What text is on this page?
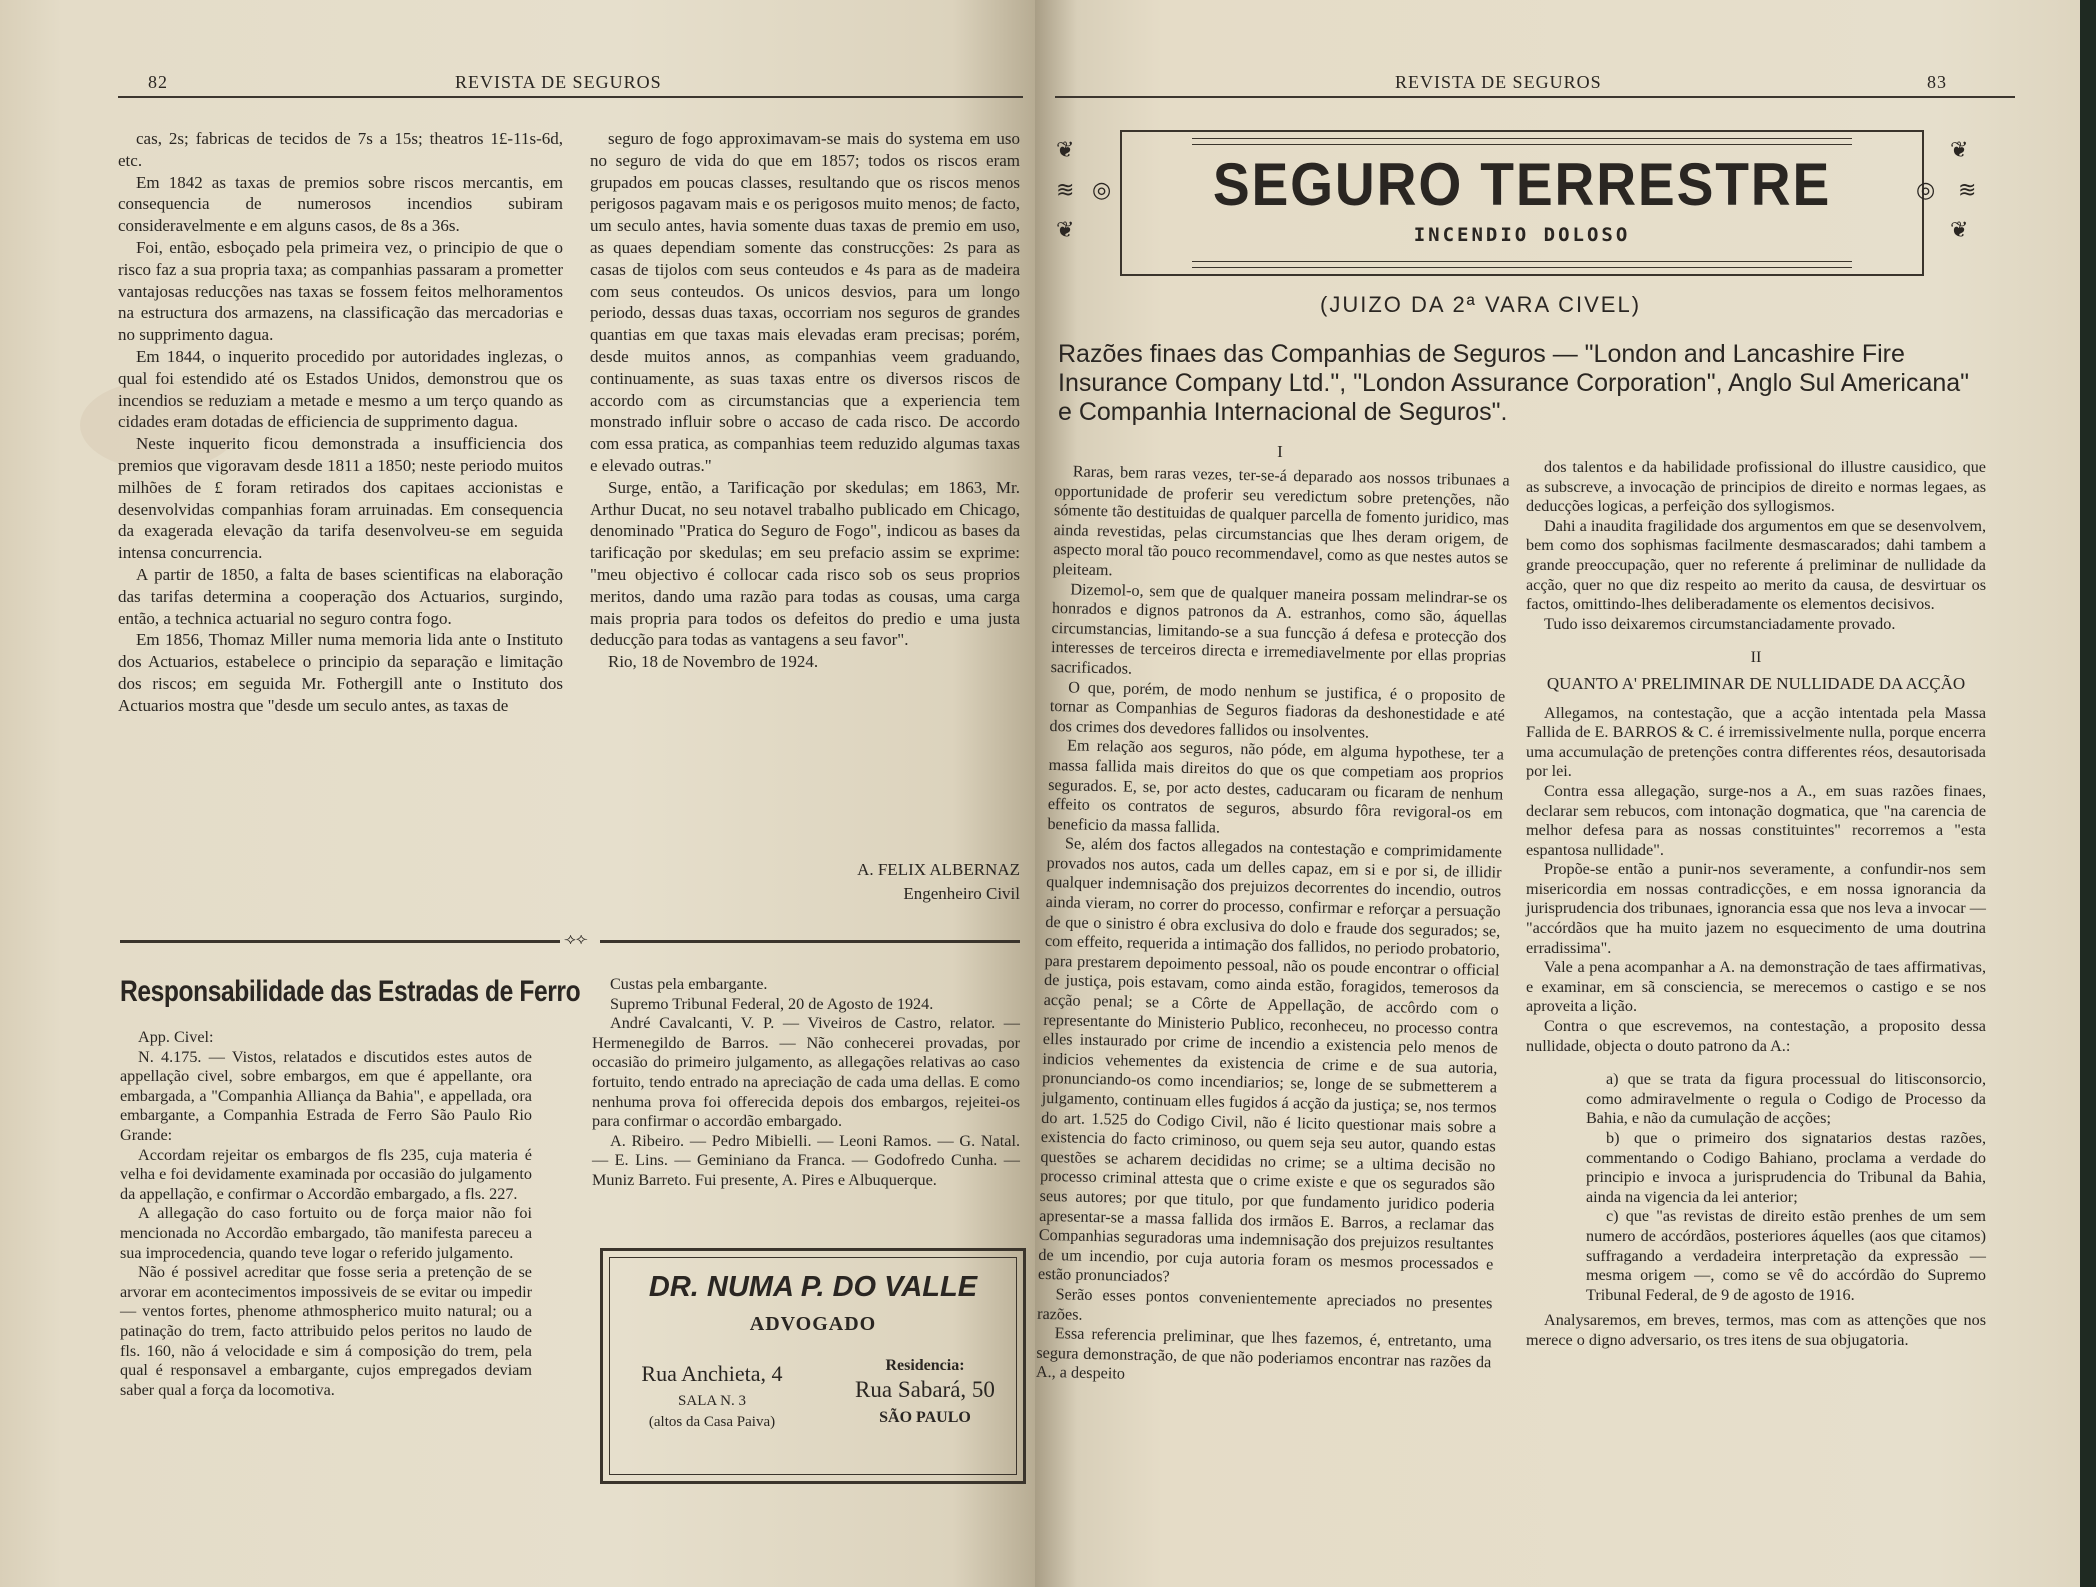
82	REVISTA DE SEGUROS

cas, 2s; fabricas de tecidos de 7s a 15s; theatros 1£-11s-6d, etc.

Em 1842 as taxas de premios sobre riscos mercantis, em consequencia de numerosos incendios subiram consideravelmente e em alguns casos, de 8s a 36s.

Foi, então, esboçado pela primeira vez, o principio de que o risco faz a sua propria taxa; as companhias passaram a prometter vantajosas reducções nas taxas se fossem feitos melhoramentos na estructura dos armazens, na classificação das mercadorias e no supprimento dagua.

Em 1844, o inquerito procedido por autoridades inglezas, o qual foi estendido até os Estados Unidos, demonstrou que os incendios se reduziam a metade e mesmo a um terço quando as cidades eram dotadas de efficiencia de supprimento dagua.

Neste inquerito ficou demonstrada a insufficiencia dos premios que vigoravam desde 1811 a 1850; neste periodo muitos milhões de £ foram retirados dos capitaes accionistas e desenvolvidas companhias foram arruinadas. Em consequencia da exagerada elevação da tarifa desenvolveu-se em seguida intensa concurrencia.

A partir de 1850, a falta de bases scientificas na elaboração das tarifas determina a cooperação dos Actuarios, surgindo, então, a technica actuarial no seguro contra fogo.

Em 1856, Thomaz Miller numa memoria lida ante o Instituto dos Actuarios, estabelece o principio da separação e limitação dos riscos; em seguida Mr. Fothergill ante o Instituto dos Actuarios mostra que "desde um seculo antes, as taxas de

seguro de fogo approximavam-se mais do systema em uso no seguro de vida do que em 1857; todos os riscos eram grupados em poucas classes, resultando que os riscos menos perigosos pagavam mais e os perigosos muito menos; de facto, um seculo antes, havia somente duas taxas de premio em uso, as quaes dependiam somente das construcções: 2s para as casas de tijolos com seus conteudos e 4s para as de madeira com seus conteudos. Os unicos desvios, para um longo periodo, dessas duas taxas, occorriam nos seguros de grandes quantias em que taxas mais elevadas eram precisas; porém, desde muitos annos, as companhias veem graduando, continuamente, as suas taxas entre os diversos riscos de accordo com as circumstancias que a experiencia tem monstrado influir sobre o accaso de cada risco. De accordo com essa pratica, as companhias teem reduzido algumas taxas e elevado outras."

Surge, então, a Tarificação por skedulas; em 1863, Mr. Arthur Ducat, no seu notavel trabalho publicado em Chicago, denominado "Pratica do Seguro de Fogo", indicou as bases da tarificação por skedulas; em seu prefacio assim se exprime: "meu objectivo é collocar cada risco sob os seus proprios meritos, dando uma razão para todas as cousas, uma carga mais propria para todos os defeitos do predio e uma justa deducção para todas as vantagens a seu favor".

Rio, 18 de Novembro de 1924.

A. FELIX ALBERNAZ
Engenheiro Civil
⟢⟣
Responsabilidade das Estradas de Ferro

App. Civel:

N. 4.175. — Vistos, relatados e discutidos estes autos de appellação civel, sobre embargos, em que é appellante, ora embargada, a "Companhia Alliança da Bahia", e appellada, ora embargante, a Companhia Estrada de Ferro São Paulo Rio Grande:

Accordam rejeitar os embargos de fls 235, cuja materia é velha e foi devidamente examinada por occasião do julgamento da appellação, e confirmar o Accordão embargado, a fls. 227.

A allegação do caso fortuito ou de força maior não foi mencionada no Accordão embargado, tão manifesta pareceu a sua improcedencia, quando teve logar o referido julgamento.

Não é possivel acreditar que fosse seria a pretenção de se arvorar em acontecimentos impossiveis de se evitar ou impedir — ventos fortes, phenome athmospherico muito natural; ou a patinação do trem, facto attribuido pelos peritos no laudo de fls. 160, não á velocidade e sim á composição do trem, pela qual é responsavel a embargante, cujos empregados deviam saber qual a força da locomotiva.

Custas pela embargante.

Supremo Tribunal Federal, 20 de Agosto de 1924.

André Cavalcanti, V. P. — Viveiros de Castro, relator. — Hermenegildo de Barros. — Não conhecerei provadas, por occasião do primeiro julgamento, as allegações relativas ao caso fortuito, tendo entrado na apreciação de cada uma dellas. E como nenhuma prova foi offerecida depois dos embargos, rejeitei-os para confirmar o accordão embargado.

A. Ribeiro. — Pedro Mibielli. — Leoni Ramos. — G. Natal. — E. Lins. — Geminiano da Franca. — Godofredo Cunha. — Muniz Barreto. Fui presente, A. Pires e Albuquerque.

DR. NUMA P. DO VALLE
ADVOGADO
Rua Anchieta, 4
SALA N. 3
(altos da Casa Paiva)
Residencia:
Rua Sabará, 50
SÃO PAULO
REVISTA DE SEGUROS	83
SEGURO TERRESTRE
INCENDIO DOLOSO
❦
≋
❦
◎
❦
≋
❦
◎
(JUIZO DA 2ª VARA CIVEL)
Razões finaes das Companhias de Seguros — "London and Lancashire Fire Insurance Company Ltd.", "London Assurance Corporation", Anglo Sul Americana" e Companhia Internacional de Seguros".
I

Raras, bem raras vezes, ter-se-á deparado aos nossos tribunaes a opportunidade de proferir seu veredictum sobre pretenções, não sómente tão destituidas de qualquer parcella de fomento juridico, mas ainda revestidas, pelas circumstancias que lhes deram origem, de aspecto moral tão pouco recommendavel, como as que nestes autos se pleiteam.

Dizemol-o, sem que de qualquer maneira possam melindrar-se os honrados e dignos patronos da A. estranhos, como são, áquellas circumstancias, limitando-se a sua funcção á defesa e protecção dos interesses de terceiros directa e irremediavelmente por ellas proprias sacrificados.

O que, porém, de modo nenhum se justifica, é o proposito de tornar as Companhias de Seguros fiadoras da deshonestidade e até dos crimes dos devedores fallidos ou insolventes.

Em relação aos seguros, não póde, em alguma hypothese, ter a massa fallida mais direitos do que os que competiam aos proprios segurados. E, se, por acto destes, caducaram ou ficaram de nenhum effeito os contratos de seguros, absurdo fôra revigoral-os em beneficio da massa fallida.

Se, além dos factos allegados na contestação e comprimidamente provados nos autos, cada um delles capaz, em si e por si, de illidir qualquer indemnisação dos prejuizos decorrentes do incendio, outros ainda vieram, no correr do processo, confirmar e reforçar a persuação de que o sinistro é obra exclusiva do dolo e fraude dos segurados; se, com effeito, requerida a intimação dos fallidos, no periodo probatorio, para prestarem depoimento pessoal, não os poude encontrar o official de justiça, pois estavam, como ainda estão, foragidos, temerosos da acção penal; se a Côrte de Appellação, de accôrdo com o representante do Ministerio Publico, reconheceu, no processo contra elles instaurado por crime de incendio a existencia pelo menos de indicios vehementes da existencia de crime e de sua autoria, pronunciando-os como incendiarios; se, longe de se submetterem a julgamento, continuam elles fugidos á acção da justiça; se, nos termos do art. 1.525 do Codigo Civil, não é licito questionar mais sobre a existencia do facto criminoso, ou quem seja seu autor, quando estas questões se acharem decididas no crime; se a ultima decisão no processo criminal attesta que o crime existe e que os segurados são seus autores; por que titulo, por que fundamento juridico poderia apresentar-se a massa fallida dos irmãos E. Barros, a reclamar das Companhias seguradoras uma indemnisação dos prejuizos resultantes de um incendio, por cuja autoria foram os mesmos processados e estão pronunciados?

Serão esses pontos convenientemente apreciados no presentes razões.

Essa referencia preliminar, que lhes fazemos, é, entretanto, uma segura demonstração, de que não poderiamos encontrar nas razões da A., a despeito

dos talentos e da habilidade profissional do illustre causidico, que as subscreve, a invocação de principios de direito e normas legaes, as deducções logicas, a perfeição dos syllogismos.

Dahi a inaudita fragilidade dos argumentos em que se desenvolvem, bem como dos sophismas facilmente desmascarados; dahi tambem a grande preoccupação, quer no referente á preliminar de nullidade da acção, quer no que diz respeito ao merito da causa, de desvirtuar os factos, omittindo-lhes deliberadamente os elementos decisivos.

Tudo isso deixaremos circumstanciadamente provado.

II

QUANTO A' PRELIMINAR DE NULLIDADE DA ACÇÃO

Allegamos, na contestação, que a acção intentada pela Massa Fallida de E. BARROS & C. é irremissivelmente nulla, porque encerra uma accumulação de pretenções contra differentes réos, desautorisada por lei.

Contra essa allegação, surge-nos a A., em suas razões finaes, declarar sem rebucos, com intonação dogmatica, que "na carencia de melhor defesa para as nossas constituintes" recorremos a "esta espantosa nullidade".

Propõe-se então a punir-nos severamente, a confundir-nos sem misericordia em nossas contradicções, e em nossa ignorancia da jurisprudencia dos tribunaes, ignorancia essa que nos leva a invocar — "accórdãos que ha muito jazem no esquecimento de uma doutrina erradissima".

Vale a pena acompanhar a A. na demonstração de taes affirmativas, e examinar, em sã consciencia, se merecemos o castigo e se nos aproveita a lição.

Contra o que escrevemos, na contestação, a proposito dessa nullidade, objecta o douto patrono da A.:

a) que se trata da figura processual do litisconsorcio, como admiravelmente o regula o Codigo de Processo da Bahia, e não da cumulação de acções;

b) que o primeiro dos signatarios destas razões, commentando o Codigo Bahiano, proclama a verdade do principio e invoca a jurisprudencia do Tribunal da Bahia, ainda na vigencia da lei anterior;

c) que "as revistas de direito estão prenhes de um sem numero de accórdãos, posteriores áquelles (aos que citamos) suffragando a verdadeira interpretação da expressão — mesma origem —, como se vê do accórdão do Supremo Tribunal Federal, de 9 de agosto de 1916.

Analysaremos, em breves, termos, mas com as attenções que nos merece o digno adversario, os tres itens de sua objugatoria.
